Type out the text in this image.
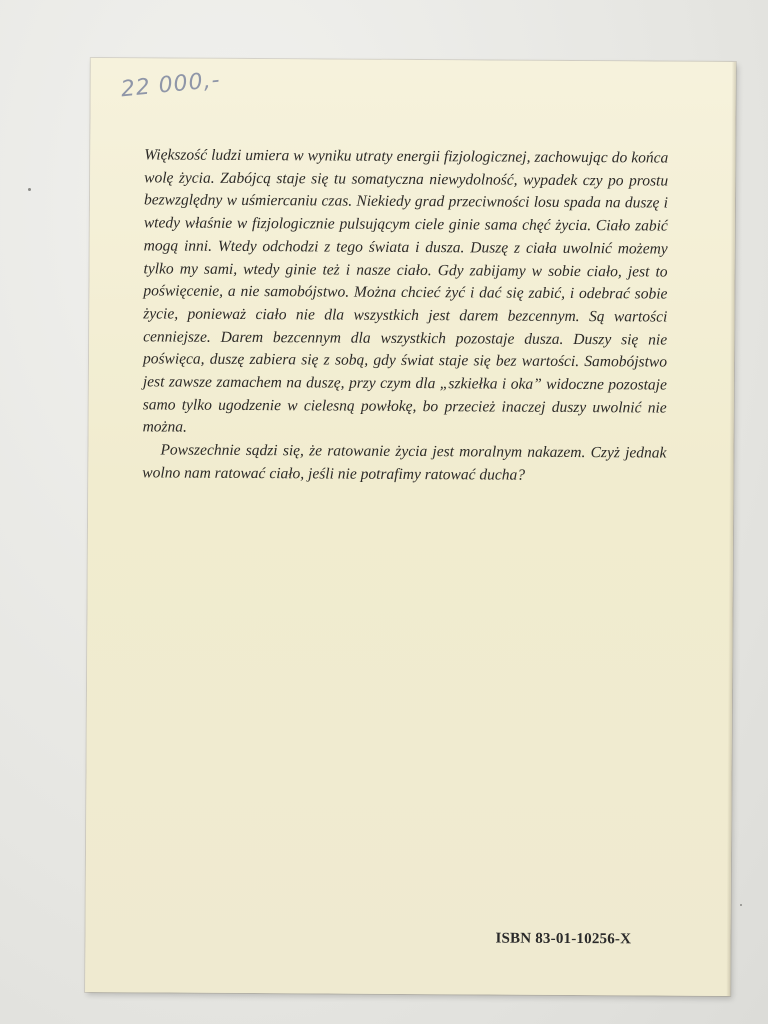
22 000,-

Większość ludzi umiera w wyniku utraty energii fizjologicznej, zachowując do końca wolę życia. Zabójcą staje się tu somatyczna niewydolność, wypadek czy po prostu bezwzględny w uśmiercaniu czas. Niekiedy grad przeciwności losu spada na duszę i wtedy właśnie w fizjologicznie pulsującym ciele ginie sama chęć życia. Ciało zabić mogą inni. Wtedy odchodzi z tego świata i dusza. Duszę z ciała uwolnić możemy tylko my sami, wtedy ginie też i nasze ciało. Gdy zabijamy w sobie ciało, jest to poświęcenie, a nie samobójstwo. Można chcieć żyć i dać się zabić, i odebrać sobie życie, ponieważ ciało nie dla wszystkich jest darem bezcennym. Są wartości cenniejsze. Darem bezcennym dla wszystkich pozostaje dusza. Duszy się nie poświęca, duszę zabiera się z sobą, gdy świat staje się bez wartości. Samobójstwo jest zawsze zamachem na duszę, przy czym dla „szkiełka i oka” widoczne pozostaje samo tylko ugodzenie w cielesną powłokę, bo przecież inaczej duszy uwolnić nie można.

Powszechnie sądzi się, że ratowanie życia jest moralnym nakazem. Czyż jednak wolno nam ratować ciało, jeśli nie potrafimy ratować ducha?

ISBN 83-01-10256-X
